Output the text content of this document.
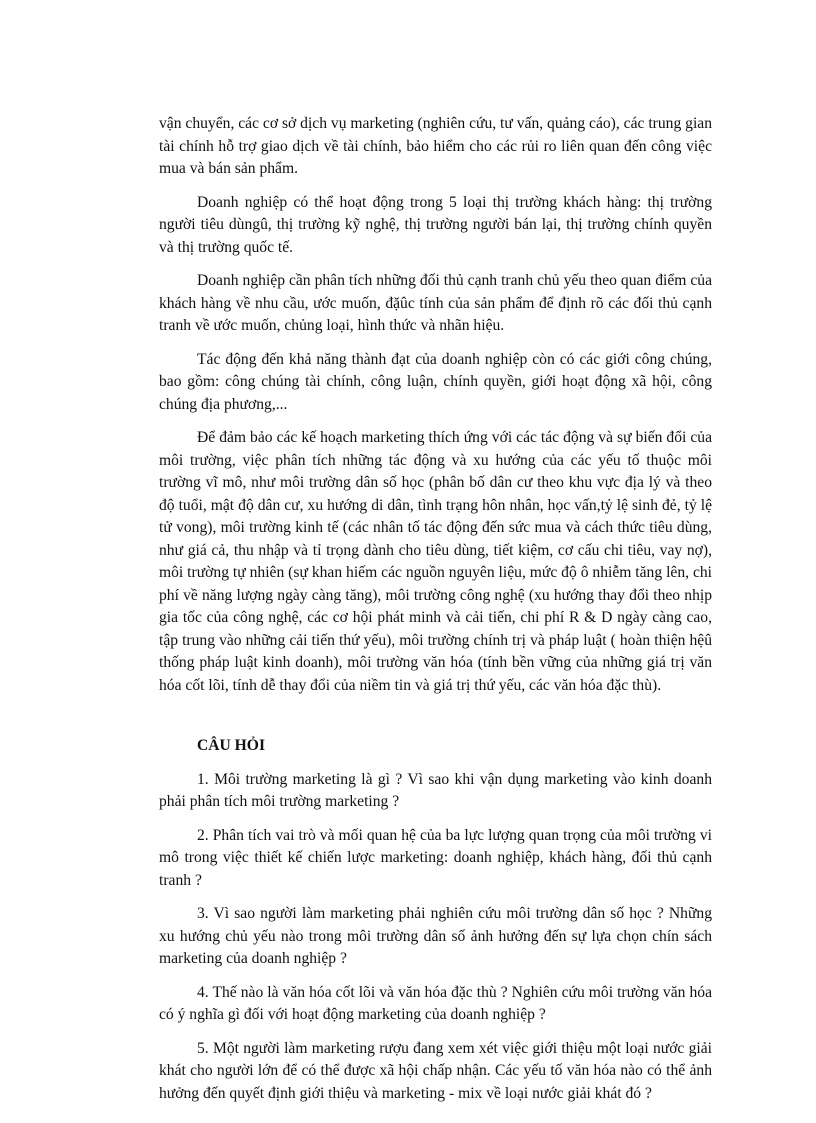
vận chuyển, các cơ sở dịch vụ marketing (nghiên cứu, tư vấn, quảng cáo), các trung gian tài chính hỗ trợ giao dịch về tài chính, bảo hiểm cho các rủi ro liên quan đến công việc mua và bán sản phẩm.

Doanh nghiệp có thể hoạt động trong 5 loại thị trường khách hàng: thị trường người tiêu dùngû, thị trường kỹ nghệ, thị trường người bán lại, thị trường chính quyền và thị trường quốc tế.

Doanh nghiệp cần phân tích những đối thủ cạnh tranh chủ yếu theo quan điểm của khách hàng về nhu cầu, ước muốn, đặûc tính của sản phẩm để định rõ các đối thủ cạnh tranh về ước muốn, chủng loại, hình thức và nhãn hiệu.

Tác động đến khả năng thành đạt của doanh nghiệp còn có các giới công chúng, bao gồm: công chúng tài chính, công luận, chính quyền, giới hoạt động xã hội, công chúng địa phương,...

Để đảm bảo các kế hoạch marketing thích ứng với các tác động và sự biến đổi của môi trường, việc phân tích những tác động và xu hướng của các yếu tố thuộc môi trường vĩ mô, như môi trường dân số học (phân bố dân cư theo khu vực địa lý và theo độ tuổi, mật độ dân cư, xu hướng di dân, tình trạng hôn nhân, học vấn,tỷ lệ sinh đẻ, tỷ lệ tử vong), môi trường kinh tế (các nhân tố tác động đến sức mua và cách thức tiêu dùng, như giá cả, thu nhập và tỉ trọng dành cho tiêu dùng, tiết kiệm, cơ cấu chi tiêu, vay nợ), môi trường tự nhiên (sự khan hiếm các nguồn nguyên liệu, mức độ ô nhiễm tăng lên, chi phí về năng lượng ngày càng tăng), môi trường công nghệ (xu hướng thay đổi theo nhịp gia tốc của công nghệ, các cơ hội phát minh và cải tiến, chi phí R & D ngày càng cao, tập trung vào những cải tiến thứ yếu), môi trường chính trị và pháp luật ( hoàn thiện hệû thống pháp luật kinh doanh), môi trường văn hóa (tính bền vững của những giá trị văn hóa cốt lõi, tính dễ thay đổi của niềm tin và giá trị thứ yếu, các văn hóa đặc thù).

CÂU HỎI

1. Môi trường marketing là gì ? Vì sao khi vận dụng marketing vào kinh doanh phải phân tích môi trường marketing ?

2. Phân tích vai trò và mối quan hệ của ba lực lượng quan trọng của môi trường vi mô trong việc thiết kế chiến lược marketing: doanh nghiệp, khách hàng, đối thủ cạnh tranh ?

3. Vì sao người làm marketing phải nghiên cứu môi trường dân số học ? Những xu hướng chủ yếu nào trong môi trường dân số ảnh hưởng đến sự lựa chọn chín sách marketing của doanh nghiệp ?

4. Thế nào là văn hóa cốt lõi và văn hóa đặc thù ? Nghiên cứu môi trường văn hóa có ý nghĩa gì đối với hoạt động marketing của doanh nghiệp ?

5. Một người làm marketing rượu đang xem xét việc giới thiệu một loại nước giải khát cho người lớn để có thể được xã hội chấp nhận. Các yếu tố văn hóa nào có thể ảnh hưởng đến quyết định giới thiệu và marketing - mix về loại nước giải khát đó ?
